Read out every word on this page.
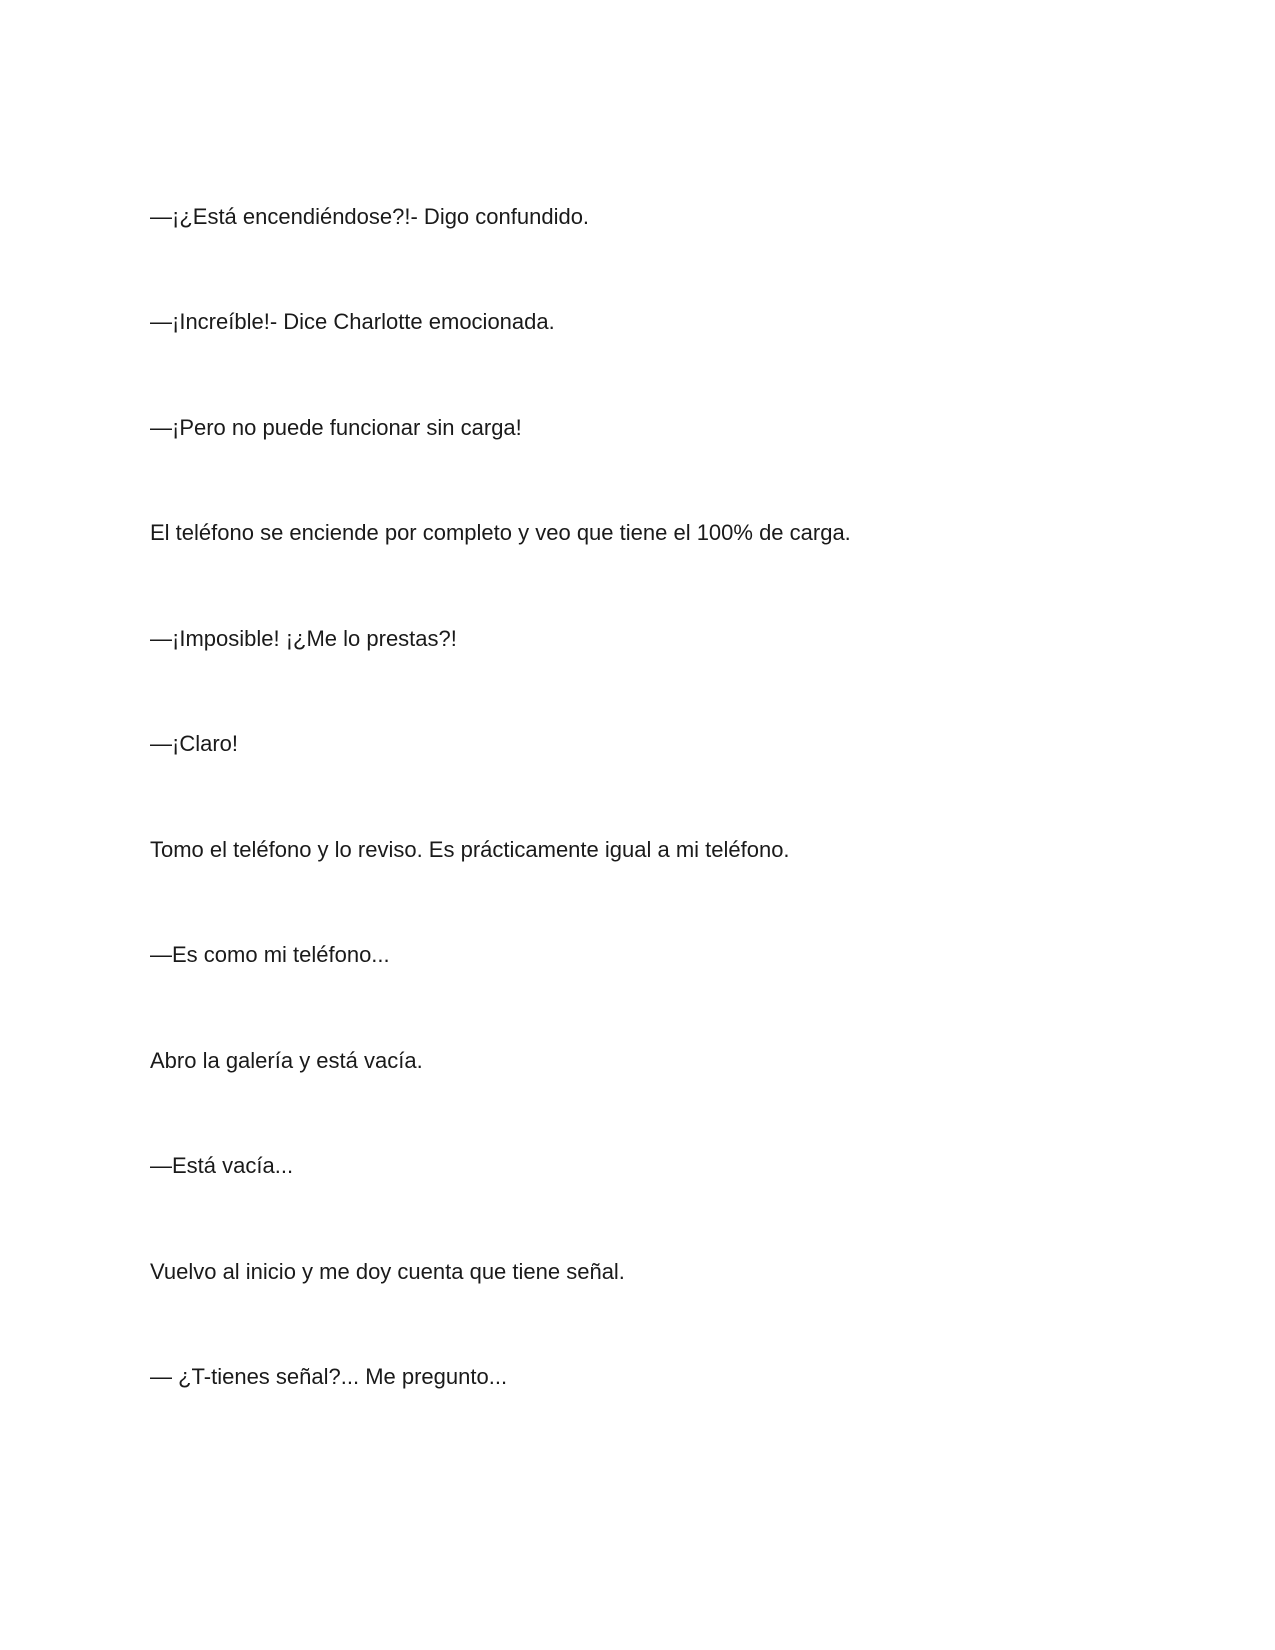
—¡¿Está encendiéndose?!- Digo confundido.

—¡Increíble!- Dice Charlotte emocionada.

—¡Pero no puede funcionar sin carga!

El teléfono se enciende por completo y veo que tiene el 100% de carga.

—¡Imposible! ¡¿Me lo prestas?!

—¡Claro!

Tomo el teléfono y lo reviso. Es prácticamente igual a mi teléfono.

—Es como mi teléfono...

Abro la galería y está vacía.

—Está vacía...

Vuelvo al inicio y me doy cuenta que tiene señal.

— ¿T-tienes señal?... Me pregunto...
